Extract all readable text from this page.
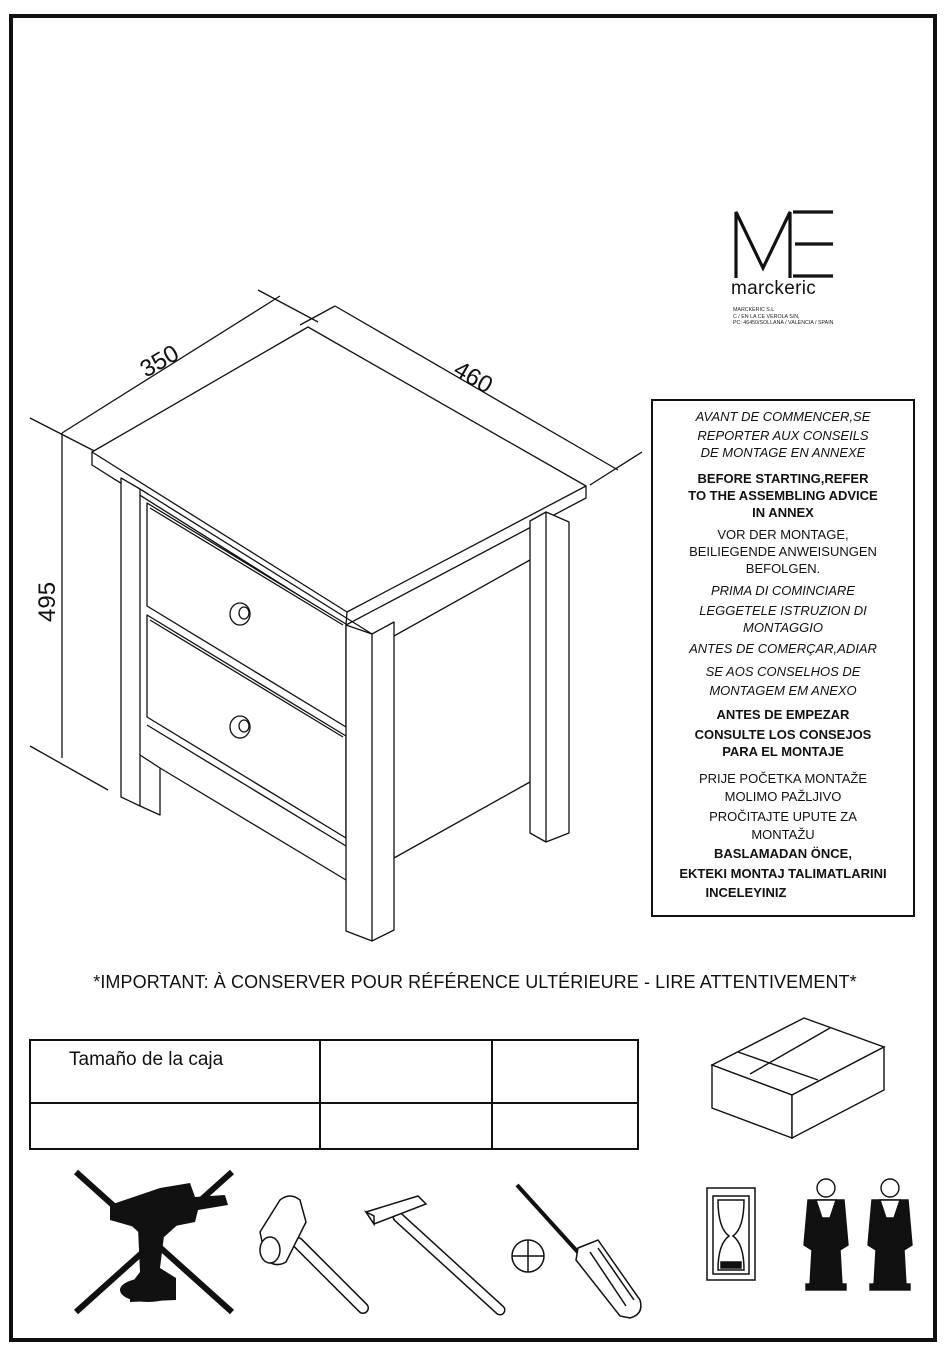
marckeric
MARCKERIC S.L
C / EN LA CE VEROLA S/N,
PC: 46450/SOLLANA / VALENCIA / SPAIN
350	460
495
AVANT DE COMMENCER,SE
REPORTER AUX CONSEILS
DE MONTAGE EN ANNEXE
BEFORE STARTING,REFER
TO THE ASSEMBLING ADVICE
IN ANNEX
VOR DER MONTAGE,
BEILIEGENDE ANWEISUNGEN
BEFOLGEN.
PRIMA DI COMINCIARE
LEGGETELE ISTRUZION DI
MONTAGGIO
ANTES DE COMERÇAR,ADIAR
SE AOS CONSELHOS DE
MONTAGEM EM ANEXO
ANTES DE EMPEZAR
CONSULTE LOS CONSEJOS
PARA EL MONTAJE
PRIJE POČETKA MONTAŽE
MOLIMO PAŽLJIVO
PROČITAJTE UPUTE ZA
MONTAŽU
BASLAMADAN ÖNCE,
EKTEKI MONTAJ TALIMATLARINI
INCELEYINIZ
*IMPORTANT: À CONSERVER POUR RÉFÉRENCE ULTÉRIEURE - LIRE ATTENTIVEMENT*
Tamaño de la caja		
